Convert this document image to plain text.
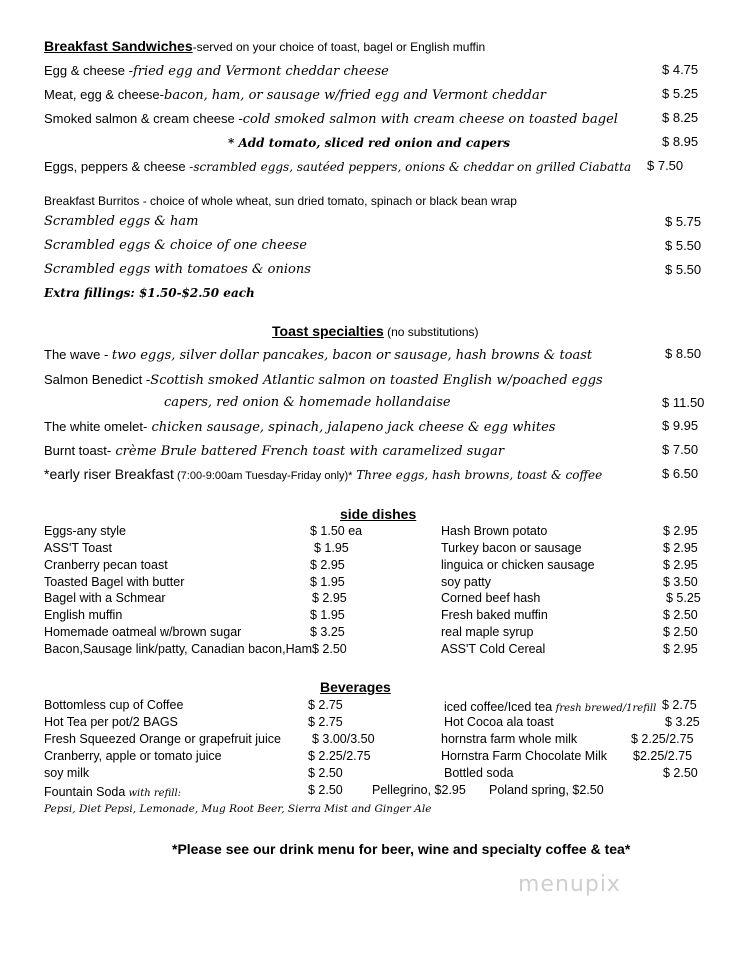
Breakfast Sandwiches-served on your choice of toast, bagel or English muffin
Egg & cheese -fried egg and Vermont cheddar cheese	$ 4.75
Meat, egg & cheese-bacon, ham, or sausage w/fried egg and Vermont cheddar	$ 5.25
Smoked salmon & cream cheese -cold smoked salmon with cream cheese on toasted bagel	$ 8.25
* Add tomato, sliced red onion and capers	$ 8.95
Eggs, peppers & cheese -scrambled eggs, sautéed peppers, onions & cheddar on grilled Ciabatta $ 7.50
Breakfast Burritos - choice of whole wheat, sun dried tomato, spinach or black bean wrap
Scrambled eggs & ham	$ 5.75
Scrambled eggs & choice of one cheese	$ 5.50
Scrambled eggs with tomatoes & onions	$ 5.50
Extra fillings: $1.50-$2.50 each
Toast specialties (no substitutions)
The wave - two eggs, silver dollar pancakes, bacon or sausage, hash browns & toast	$ 8.50
Salmon Benedict -Scottish smoked Atlantic salmon on toasted English w/poached eggs
capers, red onion & homemade hollandaise	$ 11.50
The white omelet- chicken sausage, spinach, jalapeno jack cheese & egg whites	$ 9.95
Burnt toast- crème Brule battered French toast with caramelized sugar	$ 7.50
*early riser Breakfast (7:00-9:00am Tuesday-Friday only)* Three eggs, hash browns, toast & coffee	$ 6.50
side dishes
Eggs-any style	$ 1.50 ea
ASS'T Toast	$ 1.95
Cranberry pecan toast	$ 2.95
Toasted Bagel with butter	$ 1.95
Bagel with a Schmear	$ 2.95
English muffin	$ 1.95
Homemade oatmeal w/brown sugar	$ 3.25
Bacon,Sausage link/patty, Canadian bacon,Ham $ 2.50
Hash Brown potato	$ 2.95
Turkey bacon or sausage	$ 2.95
linguica or chicken sausage	$ 2.95
soy patty	$ 3.50
Corned beef hash	$ 5.25
Fresh baked muffin	$ 2.50
real maple syrup	$ 2.50
ASS'T Cold Cereal	$ 2.95
Beverages
Bottomless cup of Coffee	$ 2.75
Hot Tea per pot/2 BAGS	$ 2.75
Fresh Squeezed Orange or grapefruit juice $ 3.00/3.50
Cranberry, apple or tomato juice	$ 2.25/2.75
soy milk	$ 2.50
Fountain Soda with refill:	$ 2.50
iced coffee/Iced tea fresh brewed/1refill $ 2.75
Hot Cocoa ala toast	$ 3.25
hornstra farm whole milk	$ 2.25/2.75
Hornstra Farm Chocolate Milk $2.25/2.75
Bottled soda	$ 2.50
Pellegrino, $2.95 Poland spring, $2.50
Pepsi, Diet Pepsi, Lemonade, Mug Root Beer, Sierra Mist and Ginger Ale
*Please see our drink menu for beer, wine and specialty coffee & tea*
menupix
